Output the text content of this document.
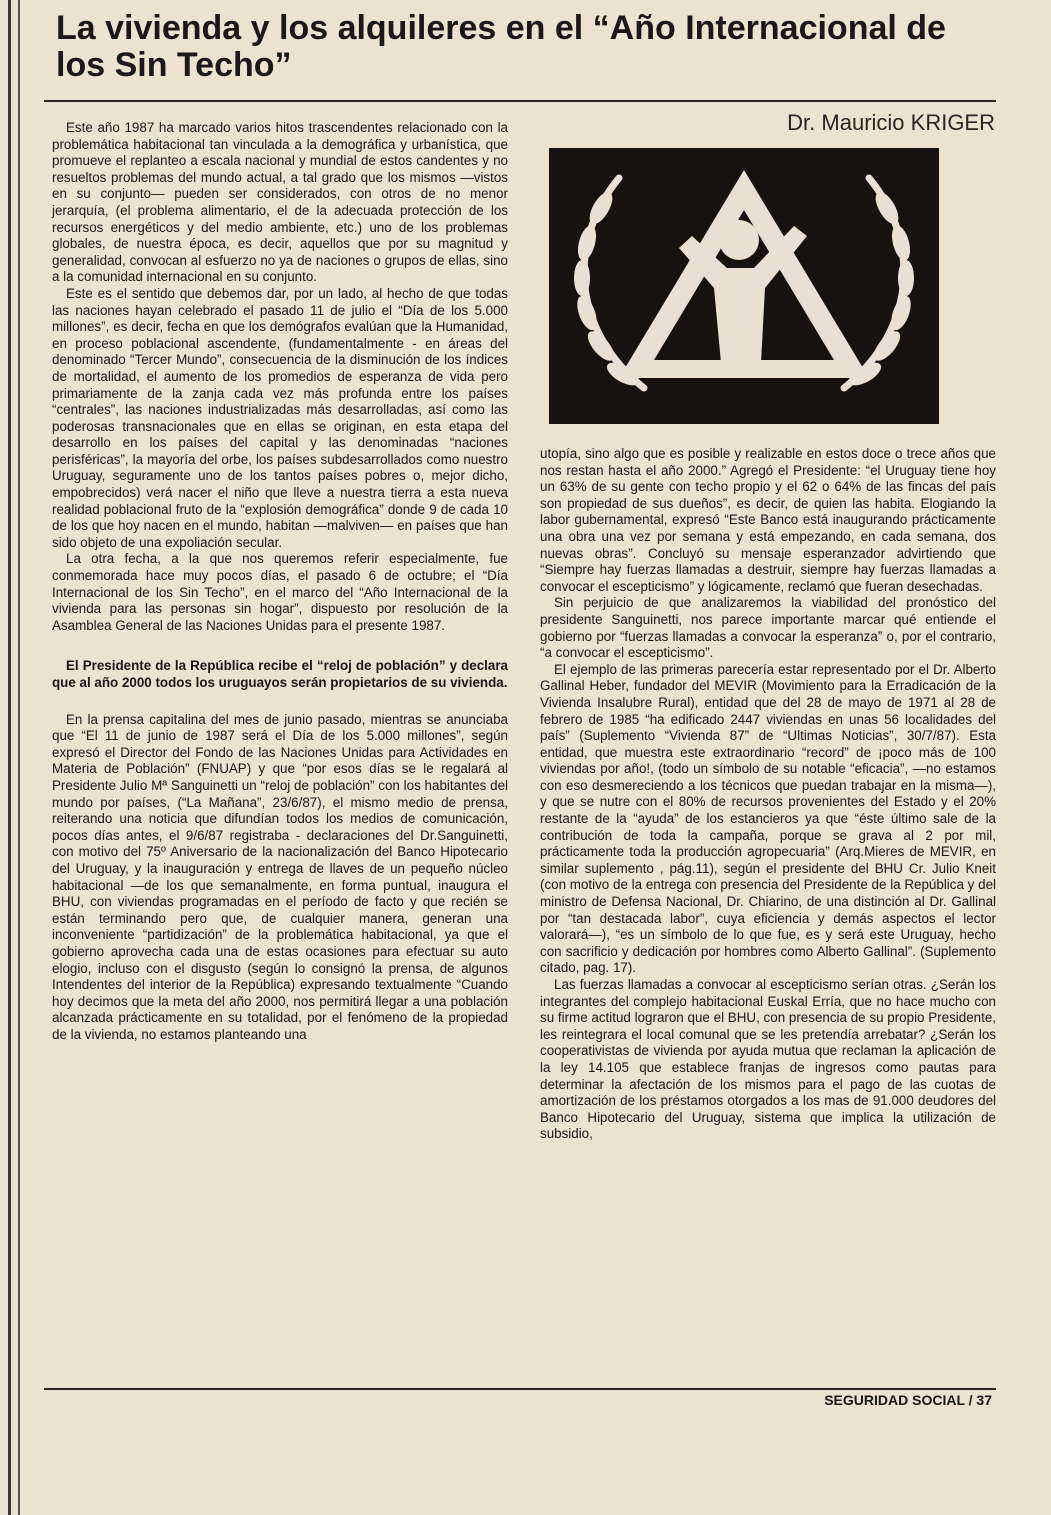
La vivienda y los alquileres en el “Año Internacional de los Sin Techo”
Dr. Mauricio KRIGER

Este año 1987 ha marcado varios hitos trascendentes relacionado con la problemática habitacional tan vinculada a la demográfica y urbanística, que promueve el replanteo a escala nacional y mundial de estos candentes y no resueltos problemas del mundo actual, a tal grado que los mismos —vistos en su conjunto— pueden ser considerados, con otros de no menor jerarquía, (el problema alimentario, el de la adecuada protección de los recursos energéticos y del medio ambiente, etc.) uno de los problemas globales, de nuestra época, es decir, aquellos que por su magnitud y generalidad, convocan al esfuerzo no ya de naciones o grupos de ellas, sino a la comunidad internacional en su conjunto.

Este es el sentido que debemos dar, por un lado, al hecho de que todas las naciones hayan celebrado el pasado 11 de julio el “Día de los 5.000 millones”, es decir, fecha en que los demógrafos evalúan que la Humanidad, en proceso poblacional ascendente, (fundamentalmente - en áreas del denominado “Tercer Mundo”, consecuencia de la disminución de los índices de mortalidad, el aumento de los promedios de esperanza de vida pero primariamente de la zanja cada vez más profunda entre los países “centrales”, las naciones industrializadas más desarrolladas, así como las poderosas transnacionales que en ellas se originan, en esta etapa del desarrollo en los países del capital y las denominadas “naciones perisféricas”, la mayoría del orbe, los países subdesarrollados como nuestro Uruguay, seguramente uno de los tantos países pobres o, mejor dicho, empobrecidos) verá nacer el niño que lleve a nuestra tierra a esta nueva realidad poblacional fruto de la “explosión demográfica” donde 9 de cada 10 de los que hoy nacen en el mundo, habitan —malviven— en países que han sido objeto de una expoliación secular.

La otra fecha, a la que nos queremos referir especialmente, fue conmemorada hace muy pocos días, el pasado 6 de octubre; el “Día Internacional de los Sin Techo”, en el marco del “Año Internacional de la vivienda para las personas sin hogar”, dispuesto por resolución de la Asamblea General de las Naciones Unidas para el presente 1987.

El Presidente de la República recibe el “reloj de población” y declara que al año 2000 todos los uruguayos serán propietarios de su vivienda.

En la prensa capitalina del mes de junio pasado, mientras se anunciaba que “El 11 de junio de 1987 será el Día de los 5.000 millones”, según expresó el Director del Fondo de las Naciones Unidas para Actividades en Materia de Población” (FNUAP) y que “por esos días se le regalará al Presidente Julio Mª Sanguinetti un “reloj de población” con los habitantes del mundo por países, (“La Mañana”, 23/6/87), el mismo medio de prensa, reiterando una noticia que difundían todos los medios de comunicación, pocos días antes, el 9/6/87 registraba - declaraciones del Dr.Sanguinetti, con motivo del 75º Aniversario de la nacionalización del Banco Hipotecario del Uruguay, y la inauguración y entrega de llaves de un pequeño núcleo habitacional —de los que semanalmente, en forma puntual, inaugura el BHU, con viviendas programadas en el período de facto y que recién se están terminando pero que, de cualquier manera, generan una inconveniente “partidización” de la problemática habitacional, ya que el gobierno aprovecha cada una de estas ocasiones para efectuar su auto elogio, incluso con el disgusto (según lo consignó la prensa, de algunos Intendentes del interior de la República) expresando textualmente “Cuando hoy decimos que la meta del año 2000, nos permitirá llegar a una población alcanzada prácticamente en su totalidad, por el fenómeno de la propiedad de la vivienda, no estamos planteando una

utopía, sino algo que es posible y realizable en estos doce o trece años que nos restan hasta el año 2000.” Agregó el Presidente: “el Uruguay tiene hoy un 63% de su gente con techo propio y el 62 o 64% de las fincas del país son propiedad de sus dueños”, es decir, de quien las habita. Elogiando la labor gubernamental, expresó “Este Banco está inaugurando prácticamente una obra una vez por semana y está empezando, en cada semana, dos nuevas obras”. Concluyó su mensaje esperanzador advirtiendo que “Siempre hay fuerzas llamadas a destruir, siempre hay fuerzas llamadas a convocar el escepticismo” y lógicamente, reclamó que fueran desechadas.

Sin perjuicio de que analizaremos la viabilidad del pronóstico del presidente Sanguinetti, nos parece importante marcar qué entiende el gobierno por “fuerzas llamadas a convocar la esperanza” o, por el contrario, “a convocar el escepticismo”.

El ejemplo de las primeras parecería estar representado por el Dr. Alberto Gallinal Heber, fundador del MEVIR (Movimiento para la Erradicación de la Vivienda Insalubre Rural), entidad que del 28 de mayo de 1971 al 28 de febrero de 1985 “ha edificado 2447 viviendas en unas 56 localidades del país” (Suplemento “Vivienda 87” de “Ultimas Noticias”, 30/7/87). Esta entidad, que muestra este extraordinario “record” de ¡poco más de 100 viviendas por año!, (todo un símbolo de su notable “eficacia”, —no estamos con eso desmereciendo a los técnicos que puedan trabajar en la misma—), y que se nutre con el 80% de recursos provenientes del Estado y el 20% restante de la “ayuda” de los estancieros ya que “éste último sale de la contribución de toda la campaña, porque se grava al 2 por mil, prácticamente toda la producción agropecuaria” (Arq.Mieres de MEVIR, en similar suplemento , pág.11), según el presidente del BHU Cr. Julio Kneit (con motivo de la entrega con presencia del Presidente de la República y del ministro de Defensa Nacional, Dr. Chiarino, de una distinción al Dr. Gallinal por “tan destacada labor”, cuya eficiencia y demás aspectos el lector valorará—), “es un símbolo de lo que fue, es y será este Uruguay, hecho con sacrificio y dedicación por hombres como Alberto Gallinal”. (Suplemento citado, pag. 17).

Las fuerzas llamadas a convocar al escepticismo serían otras. ¿Serán los integrantes del complejo habitacional Euskal Erría, que no hace mucho con su firme actitud lograron que el BHU, con presencia de su propio Presidente, les reintegrara el local comunal que se les pretendía arrebatar? ¿Serán los cooperativistas de vivienda por ayuda mutua que reclaman la aplicación de la ley 14.105 que establece franjas de ingresos como pautas para determinar la afectación de los mismos para el pago de las cuotas de amortización de los préstamos otorgados a los mas de 91.000 deudores del Banco Hipotecario del Uruguay, sistema que implica la utilización de subsidio,

SEGURIDAD SOCIAL / 37
